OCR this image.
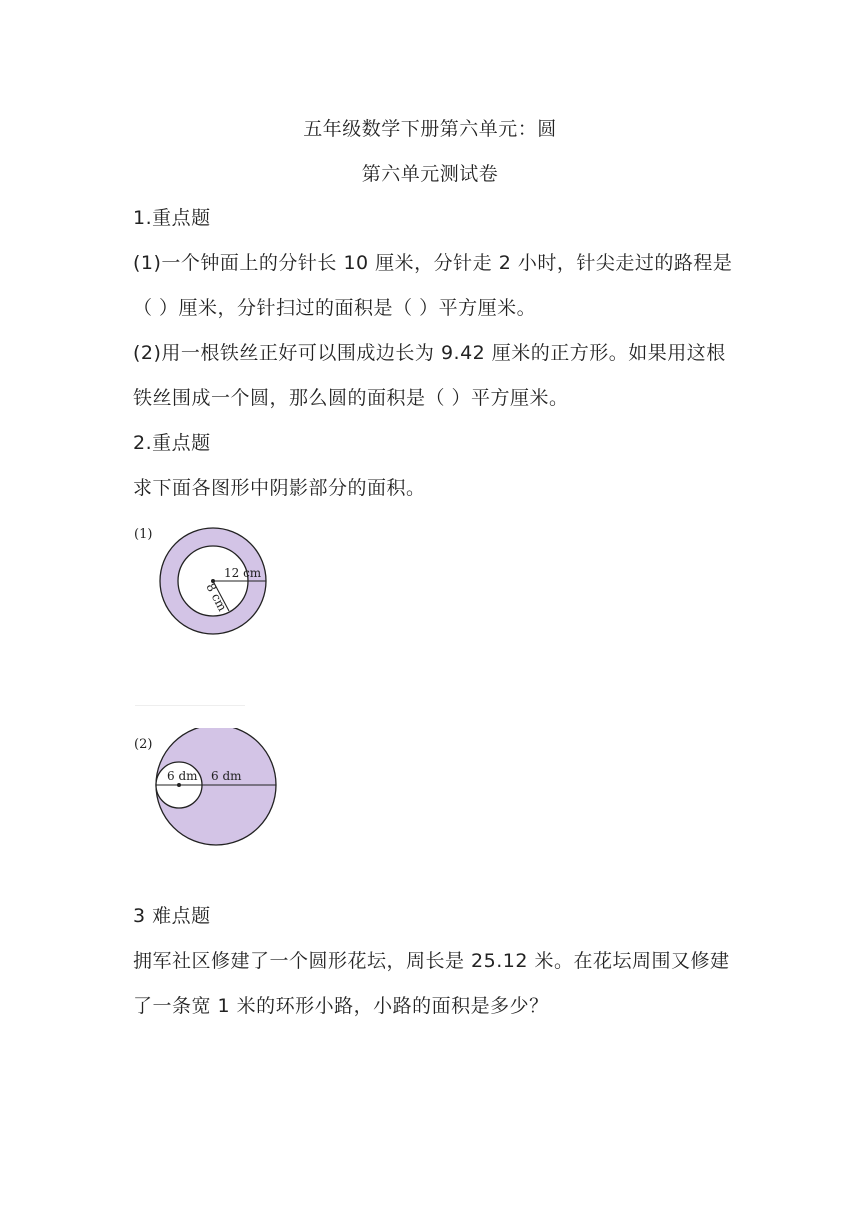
五年级数学下册第六单元：圆
第六单元测试卷
1.重点题
(1)一个钟面上的分针长 10 厘米，分针走 2 小时，针尖走过的路程是
（ ）厘米，分针扫过的面积是（ ）平方厘米。
(2)用一根铁丝正好可以围成边长为 9.42 厘米的正方形。如果用这根
铁丝围成一个圆，那么圆的面积是（ ）平方厘米。
2.重点题
求下面各图形中阴影部分的面积。
(1)
12 cm
8 cm
(2)
6 dm 6 dm
3 难点题
拥军社区修建了一个圆形花坛，周长是 25.12 米。在花坛周围又修建
了一条宽 1 米的环形小路，小路的面积是多少？
